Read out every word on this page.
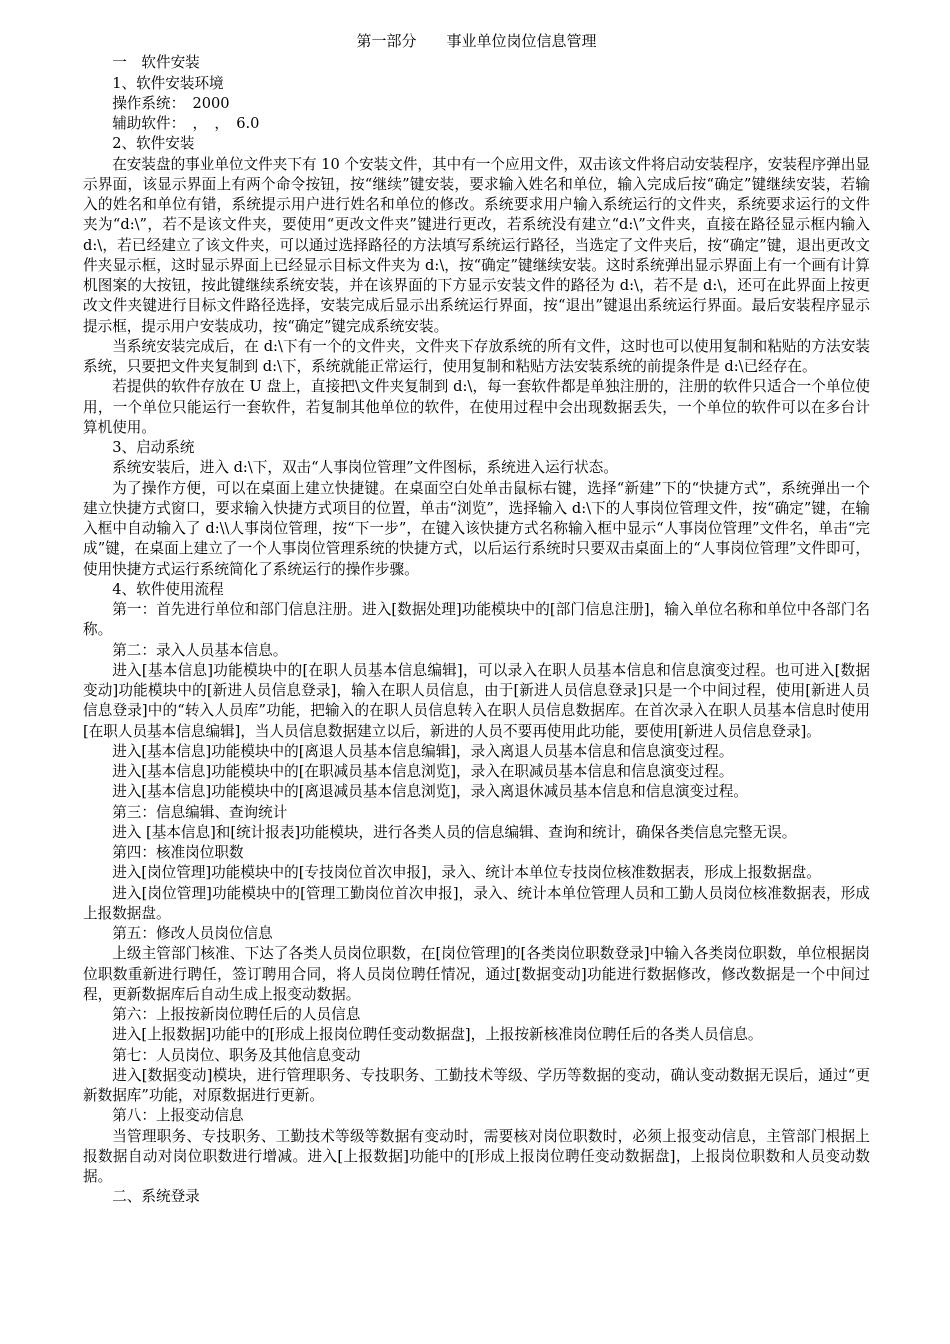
第一部分 事业单位岗位信息管理

一　软件安装

1、软件安装环境

操作系统：　2000

辅助软件：　，　，　6.0

2、软件安装

在安装盘的事业单位文件夹下有 10 个安装文件，其中有一个应用文件，双击该文件将启动安装程序，安装程序弹出显示界面，该显示界面上有两个命令按钮，按“继续”键安装，要求输入姓名和单位，输入完成后按“确定”键继续安装，若输入的姓名和单位有错，系统提示用户进行姓名和单位的修改。系统要求用户输入系统运行的文件夹，系统要求运行的文件夹为“d:\”，若不是该文件夹，要使用“更改文件夹”键进行更改，若系统没有建立“d:\”文件夹，直接在路径显示框内输入 d:\，若已经建立了该文件夹，可以通过选择路径的方法填写系统运行路径，当选定了文件夹后，按“确定”键，退出更改文件夹显示框，这时显示界面上已经显示目标文件夹为 d:\，按“确定”键继续安装。这时系统弹出显示界面上有一个画有计算机图案的大按钮，按此键继续系统安装，并在该界面的下方显示安装文件的路径为 d:\，若不是 d:\，还可在此界面上按更改文件夹键进行目标文件路径选择，安装完成后显示出系统运行界面，按“退出”键退出系统运行界面。最后安装程序显示提示框，提示用户安装成功，按“确定”键完成系统安装。

当系统安装完成后，在 d:\下有一个的文件夹，文件夹下存放系统的所有文件，这时也可以使用复制和粘贴的方法安装系统，只要把文件夹复制到 d:\下，系统就能正常运行，使用复制和粘贴方法安装系统的前提条件是 d:\已经存在。

若提供的软件存放在 U 盘上，直接把\文件夹复制到 d:\，每一套软件都是单独注册的，注册的软件只适合一个单位使用，一个单位只能运行一套软件，若复制其他单位的软件，在使用过程中会出现数据丢失，一个单位的软件可以在多台计算机使用。

3、启动系统

系统安装后，进入 d:\下，双击“人事岗位管理”文件图标，系统进入运行状态。

为了操作方便，可以在桌面上建立快捷键。在桌面空白处单击鼠标右键，选择“新建”下的“快捷方式”，系统弹出一个建立快捷方式窗口，要求输入快捷方式项目的位置，单击“浏览”，选择输入 d:\下的人事岗位管理文件，按“确定”键，在输入框中自动输入了 d:\\人事岗位管理，按“下一步”，在键入该快捷方式名称输入框中显示“人事岗位管理”文件名，单击“完成”键，在桌面上建立了一个人事岗位管理系统的快捷方式，以后运行系统时只要双击桌面上的“人事岗位管理”文件即可，使用快捷方式运行系统简化了系统运行的操作步骤。

4、软件使用流程

第一：首先进行单位和部门信息注册。进入[数据处理]功能模块中的[部门信息注册]，输入单位名称和单位中各部门名称。

第二：录入人员基本信息。

进入[基本信息]功能模块中的[在职人员基本信息编辑]，可以录入在职人员基本信息和信息演变过程。也可进入[数据变动]功能模块中的[新进人员信息登录]，输入在职人员信息，由于[新进人员信息登录]只是一个中间过程，使用[新进人员信息登录]中的“转入人员库”功能，把输入的在职人员信息转入在职人员信息数据库。在首次录入在职人员基本信息时使用[在职人员基本信息编辑]，当人员信息数据建立以后，新进的人员不要再使用此功能，要使用[新进人员信息登录]。

进入[基本信息]功能模块中的[离退人员基本信息编辑]，录入离退人员基本信息和信息演变过程。

进入[基本信息]功能模块中的[在职减员基本信息浏览]，录入在职减员基本信息和信息演变过程。

进入[基本信息]功能模块中的[离退减员基本信息浏览]，录入离退休减员基本信息和信息演变过程。

第三：信息编辑、查询统计

进入 [基本信息]和[统计报表]功能模块，进行各类人员的信息编辑、查询和统计，确保各类信息完整无误。

第四：核准岗位职数

进入[岗位管理]功能模块中的[专技岗位首次申报]，录入、统计本单位专技岗位核准数据表，形成上报数据盘。

进入[岗位管理]功能模块中的[管理工勤岗位首次申报]，录入、统计本单位管理人员和工勤人员岗位核准数据表，形成上报数据盘。

第五：修改人员岗位信息

上级主管部门核准、下达了各类人员岗位职数，在[岗位管理]的[各类岗位职数登录]中输入各类岗位职数，单位根据岗位职数重新进行聘任，签订聘用合同，将人员岗位聘任情况，通过[数据变动]功能进行数据修改，修改数据是一个中间过程，更新数据库后自动生成上报变动数据。

第六：上报按新岗位聘任后的人员信息

进入[上报数据]功能中的[形成上报岗位聘任变动数据盘]，上报按新核准岗位聘任后的各类人员信息。

第七：人员岗位、职务及其他信息变动

进入[数据变动]模块，进行管理职务、专技职务、工勤技术等级、学历等数据的变动，确认变动数据无误后，通过“更新数据库”功能，对原数据进行更新。

第八：上报变动信息

当管理职务、专技职务、工勤技术等级等数据有变动时，需要核对岗位职数时，必须上报变动信息，主管部门根据上报数据自动对岗位职数进行增减。进入[上报数据]功能中的[形成上报岗位聘任变动数据盘]，上报岗位职数和人员变动数据。

二、系统登录
